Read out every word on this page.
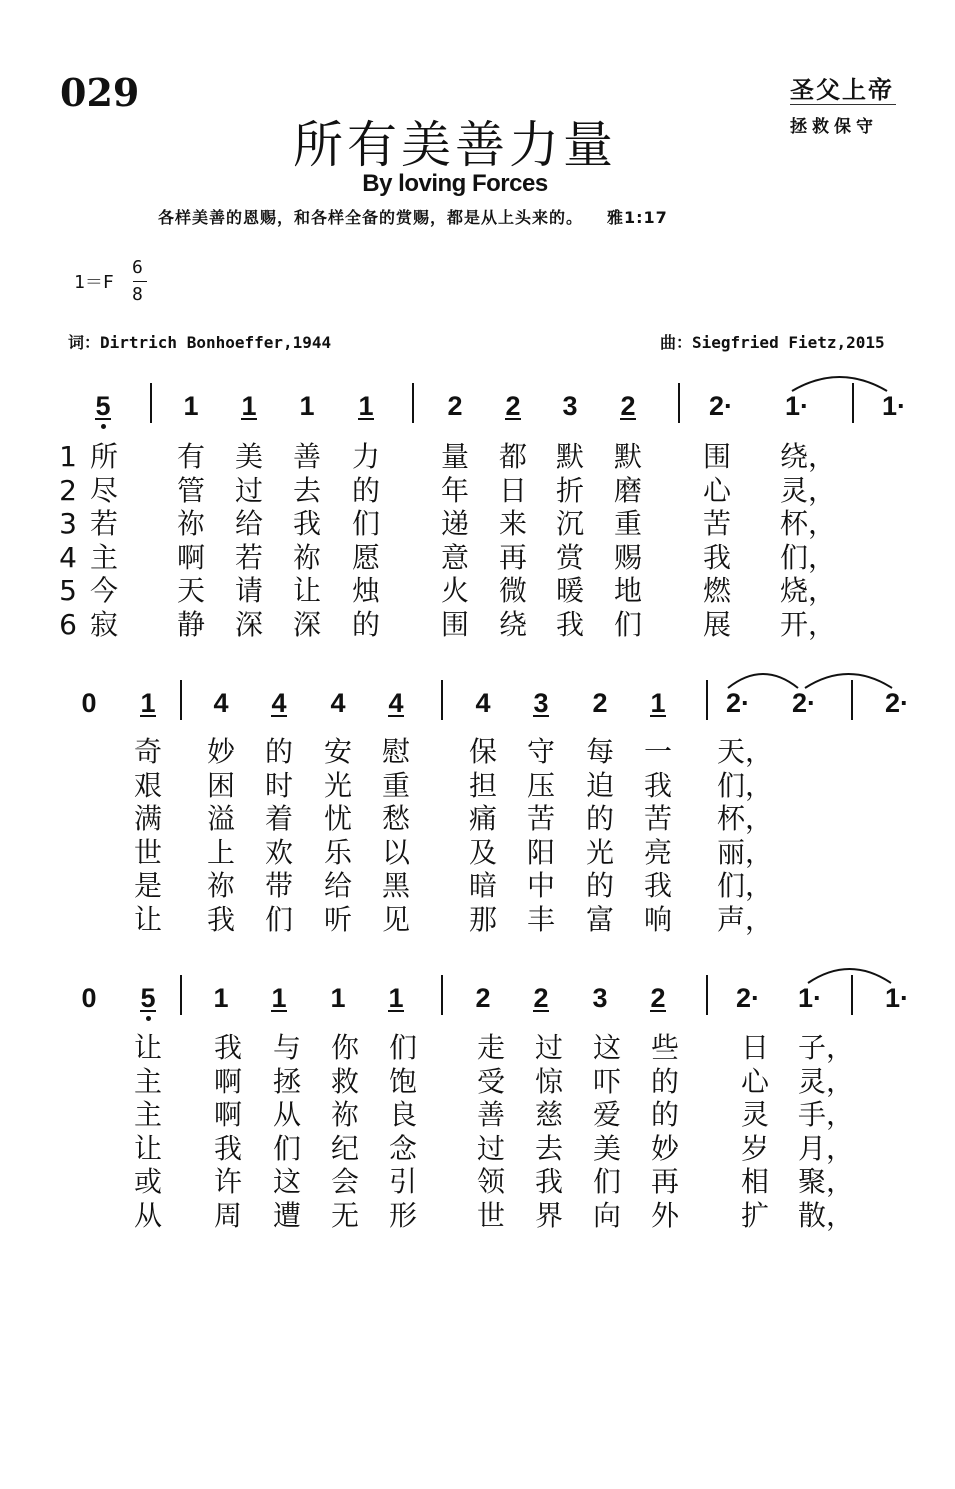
029	圣父上帝
拯救保守
所有美善力量
By loving Forces
各样美善的恩赐，和各样全备的赏赐，都是从上头来的。 雅1:17
1＝F
6
8
词：Dirtrich Bonhoeffer,1944	曲：Siegfried Fietz,2015
5	1	1	1	1	2	2	3	2	2· 1·	1·
1 所 有 美 善 力 量 都 默 默 围 绕，
2 尽 管 过 去 的 年 日 折 磨 心 灵，
3 若 祢 给 我 们 递 来 沉 重 苦 杯，
4 主 啊 若 祢 愿 意 再 赏 赐 我 们，
5 今 天 请 让 烛 火 微 暖 地 燃 烧，
6 寂 静 深 深 的 围 绕 我 们 展 开，
0	1	4	4	4	4	4	3	2	1	2· 2·	2·
奇 妙 的 安 慰 保 守 每 一 天，
艰 困 时 光 重 担 压 迫 我 们，
满 溢 着 忧 愁 痛 苦 的 苦 杯，
世 上 欢 乐 以 及 阳 光 亮 丽，
是 祢 带 给 黑 暗 中 的 我 们，
让 我 们 听 见 那 丰 富 响 声，
0	5	1	1	1	1	2	2	3	2	2· 1· 1·
让 我 与 你 们 走 过 这 些 日 子，
主 啊 拯 救 饱 受 惊 吓 的 心 灵，
主 啊 从 祢 良 善 慈 爱 的 灵 手，
让 我 们 纪 念 过 去 美 妙 岁 月，
或 许 这 会 引 领 我 们 再 相 聚，
从 周 遭 无 形 世 界 向 外 扩 散，
